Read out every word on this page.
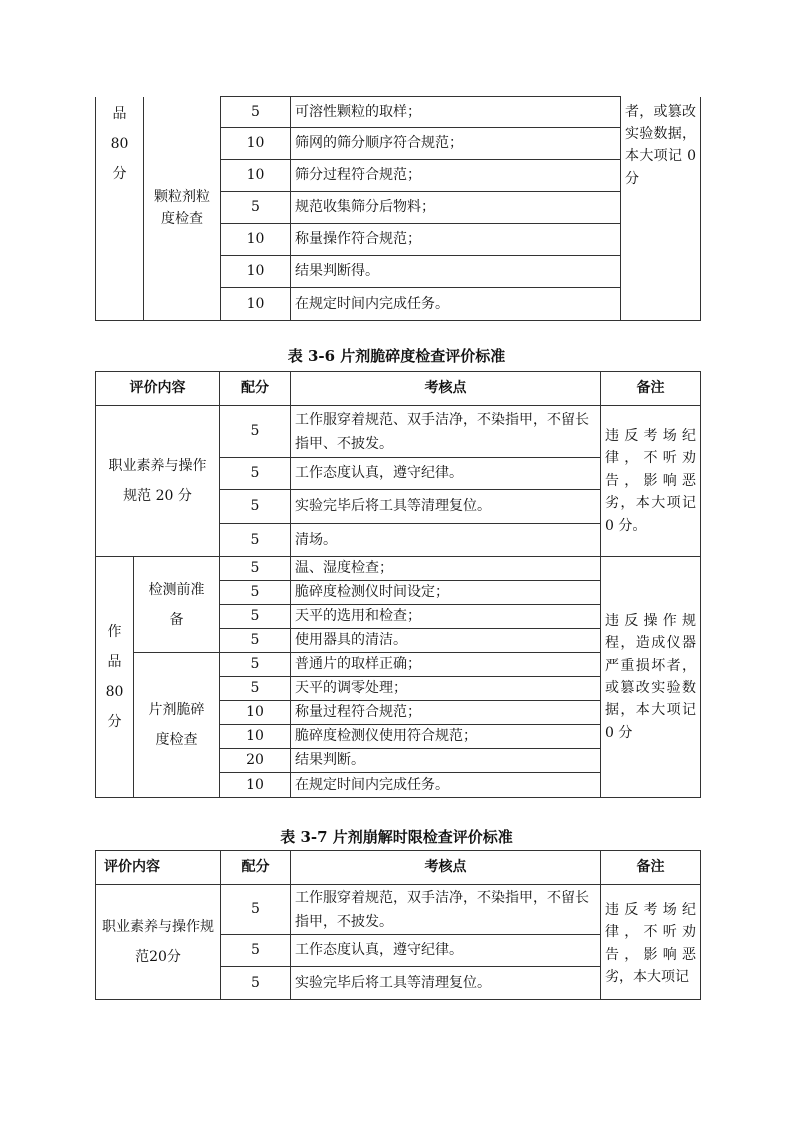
品
80
分	颗粒剂粒度检查	5	可溶性颗粒的取样；	者，或篡改实验数据，本大项记 0分
		10	筛网的筛分顺序符合规范；	
		10	筛分过程符合规范；	
		5	规范收集筛分后物料；	
		10	称量操作符合规范；	
		10	结果判断得。	
		10	在规定时间内完成任务。	
表 3-6 片剂脆碎度检查评价标准
评价内容		配分	考核点	备注
职业素养与操作规范 20 分		5	工作服穿着规范、双手洁净，不染指甲，不留长指甲、不披发。	违反考场纪律，不听劝告，影响恶劣，本大项记 0 分。
		5	工作态度认真，遵守纪律。	
		5	实验完毕后将工具等清理复位。	
		5	清场。	

作
品
80
分	检测前准备	5	温、湿度检查；	违反操作规程，造成仪器严重损坏者，或篡改实验数据，本大项记 0 分
		5	脆碎度检测仪时间设定；	
		5	天平的选用和检查；	
		5	使用器具的清洁。	
	片剂脆碎度检查	5	普通片的取样正确；	
		5	天平的调零处理；	
		10	称量过程符合规范；	
		10	脆碎度检测仪使用符合规范；	
		20	结果判断。	
		10	在规定时间内完成任务。	
表 3-7 片剂崩解时限检查评价标准
评价内容	配分	考核点	备注
职业素养与操作规范20分	5	工作服穿着规范，双手洁净，不染指甲，不留长指甲，不披发。	违反考场纪律，不听劝告，影响恶劣，本大项记
	5	工作态度认真，遵守纪律。	
	5	实验完毕后将工具等清理复位。	
